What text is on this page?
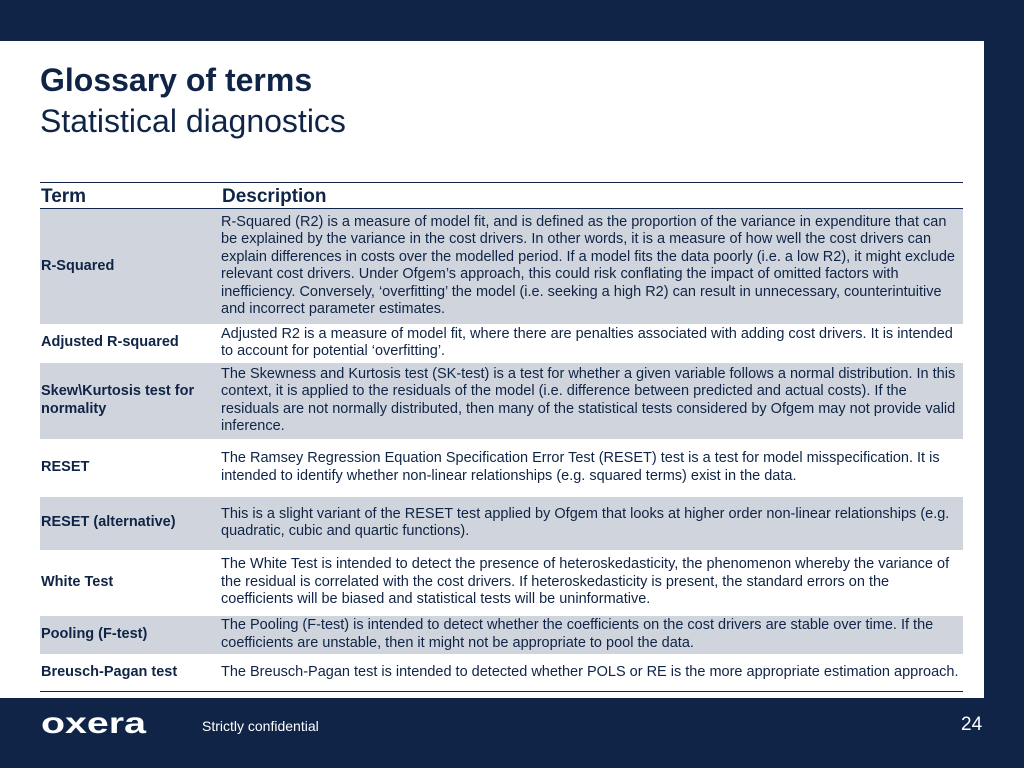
Glossary of terms
Statistical diagnostics
Term	Description
R-Squared	R-Squared (R2) is a measure of model fit, and is defined as the proportion of the variance in expenditure that can be explained by the variance in the cost drivers. In other words, it is a measure of how well the cost drivers can explain differences in costs over the modelled period. If a model fits the data poorly (i.e. a low R2), it might exclude relevant cost drivers. Under Ofgem’s approach, this could risk conflating the impact of omitted factors with inefficiency. Conversely, ‘overfitting’ the model (i.e. seeking a high R2) can result in unnecessary, counterintuitive and incorrect parameter estimates.
Adjusted R-squared	Adjusted R2 is a measure of model fit, where there are penalties associated with adding cost drivers. It is intended to account for potential ‘overfitting’.
Skew\Kurtosis test for normality	The Skewness and Kurtosis test (SK-test) is a test for whether a given variable follows a normal distribution. In this context, it is applied to the residuals of the model (i.e. difference between predicted and actual costs). If the residuals are not normally distributed, then many of the statistical tests considered by Ofgem may not provide valid inference.
RESET	The Ramsey Regression Equation Specification Error Test (RESET) test is a test for model misspecification. It is intended to identify whether non-linear relationships (e.g. squared terms) exist in the data.
RESET (alternative)	This is a slight variant of the RESET test applied by Ofgem that looks at higher order non-linear relationships (e.g. quadratic, cubic and quartic functions).
White Test	The White Test is intended to detect the presence of heteroskedasticity, the phenomenon whereby the variance of the residual is correlated with the cost drivers. If heteroskedasticity is present, the standard errors on the coefficients will be biased and statistical tests will be uninformative.
Pooling (F-test)	The Pooling (F-test) is intended to detect whether the coefficients on the cost drivers are stable over time. If the coefficients are unstable, then it might not be appropriate to pool the data.
Breusch-Pagan test	The Breusch-Pagan test is intended to detected whether POLS or RE is the more appropriate estimation approach.
oxera	Strictly confidential	24
